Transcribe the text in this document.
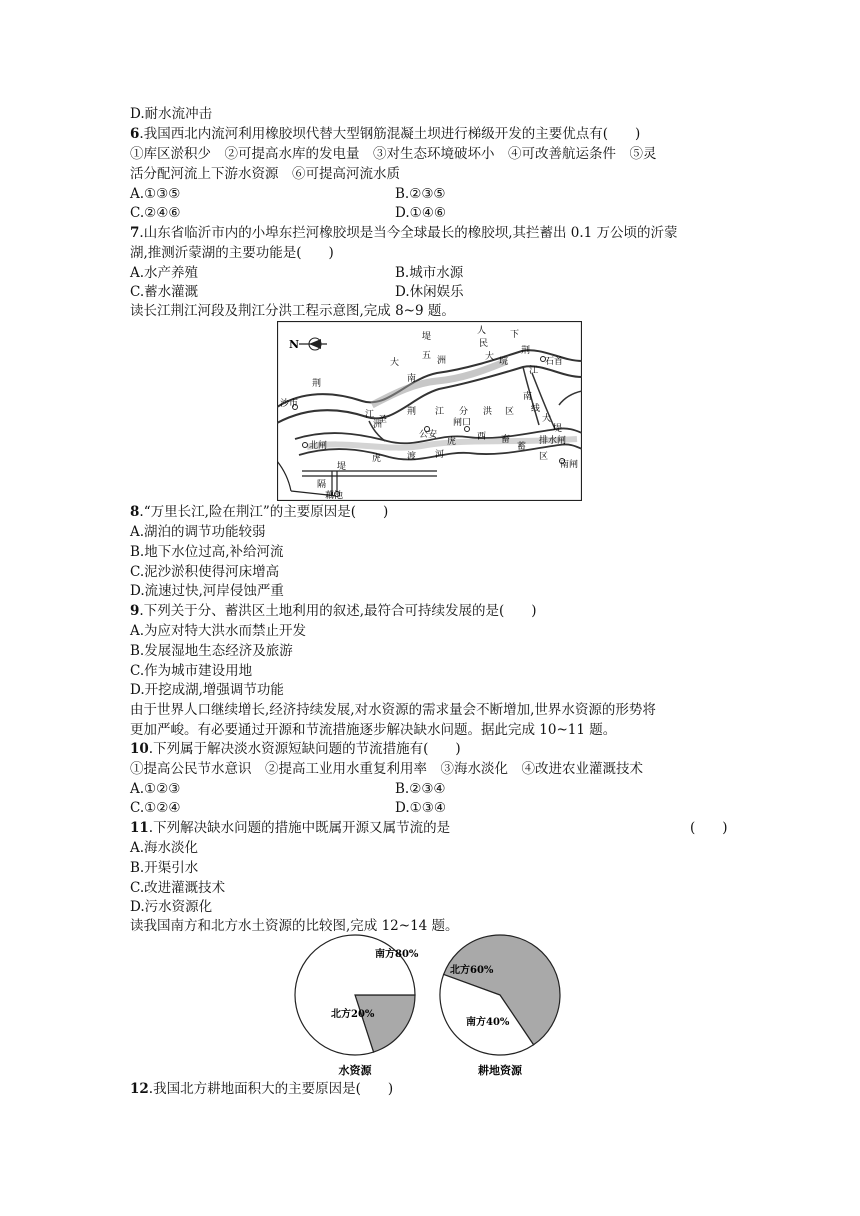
D.耐水流冲击
6.我国西北内流河利用橡胶坝代替大型钢筋混凝土坝进行梯级开发的主要优点有(　　)
①库区淤积少　②可提高水库的发电量　③对生态环境破坏小　④可改善航运条件　⑤灵
活分配河流上下游水资源　⑥可提高河流水质
A.①③⑤	B.②③⑤
C.②④⑥	D.①④⑥
7.山东省临沂市内的小埠东拦河橡胶坝是当今全球最长的橡胶坝,其拦蓄出 0.1 万公顷的沂蒙
湖,推测沂蒙湖的主要功能是(　　)
A.水产养殖	B.城市水源
C.蓄水灌溉	D.休闲娱乐
读长江荆江河段及荆江分洪工程示意图,完成 8~9 题。
N
堤
人
民
大 垸
下
荆
江
石首
大
五 洲
南
荆
沙市
江 圣
洲
荆 江 分 洪 区
公安
闸口
南
线
大
堤
排水闸
北闸	虎 西 畜
蓄
区
南闸
虎	渡 河
堤
隔
藕池
8.“万里长江,险在荆江”的主要原因是(　　)
A.湖泊的调节功能较弱
B.地下水位过高,补给河流
C.泥沙淤积使得河床增高
D.流速过快,河岸侵蚀严重
9.下列关于分、蓄洪区土地利用的叙述,最符合可持续发展的是(　　)
A.为应对特大洪水而禁止开发
B.发展湿地生态经济及旅游
C.作为城市建设用地
D.开挖成湖,增强调节功能
由于世界人口继续增长,经济持续发展,对水资源的需求量会不断增加,世界水资源的形势将
更加严峻。有必要通过开源和节流措施逐步解决缺水问题。据此完成 10~11 题。
10.下列属于解决淡水资源短缺问题的节流措施有(　　)
①提高公民节水意识　②提高工业用水重复利用率　③海水淡化　④改进农业灌溉技术
A.①②③	B.②③④
C.①②④	D.①③④
11.下列解决缺水问题的措施中既属开源又属节流的是	(　　)
A.海水淡化
B.开渠引水
C.改进灌溉技术
D.污水资源化
读我国南方和北方水土资源的比较图,完成 12~14 题。
南方80%
北方20%
水资源
北方60%
南方40%
耕地资源
12.我国北方耕地面积大的主要原因是(　　)
